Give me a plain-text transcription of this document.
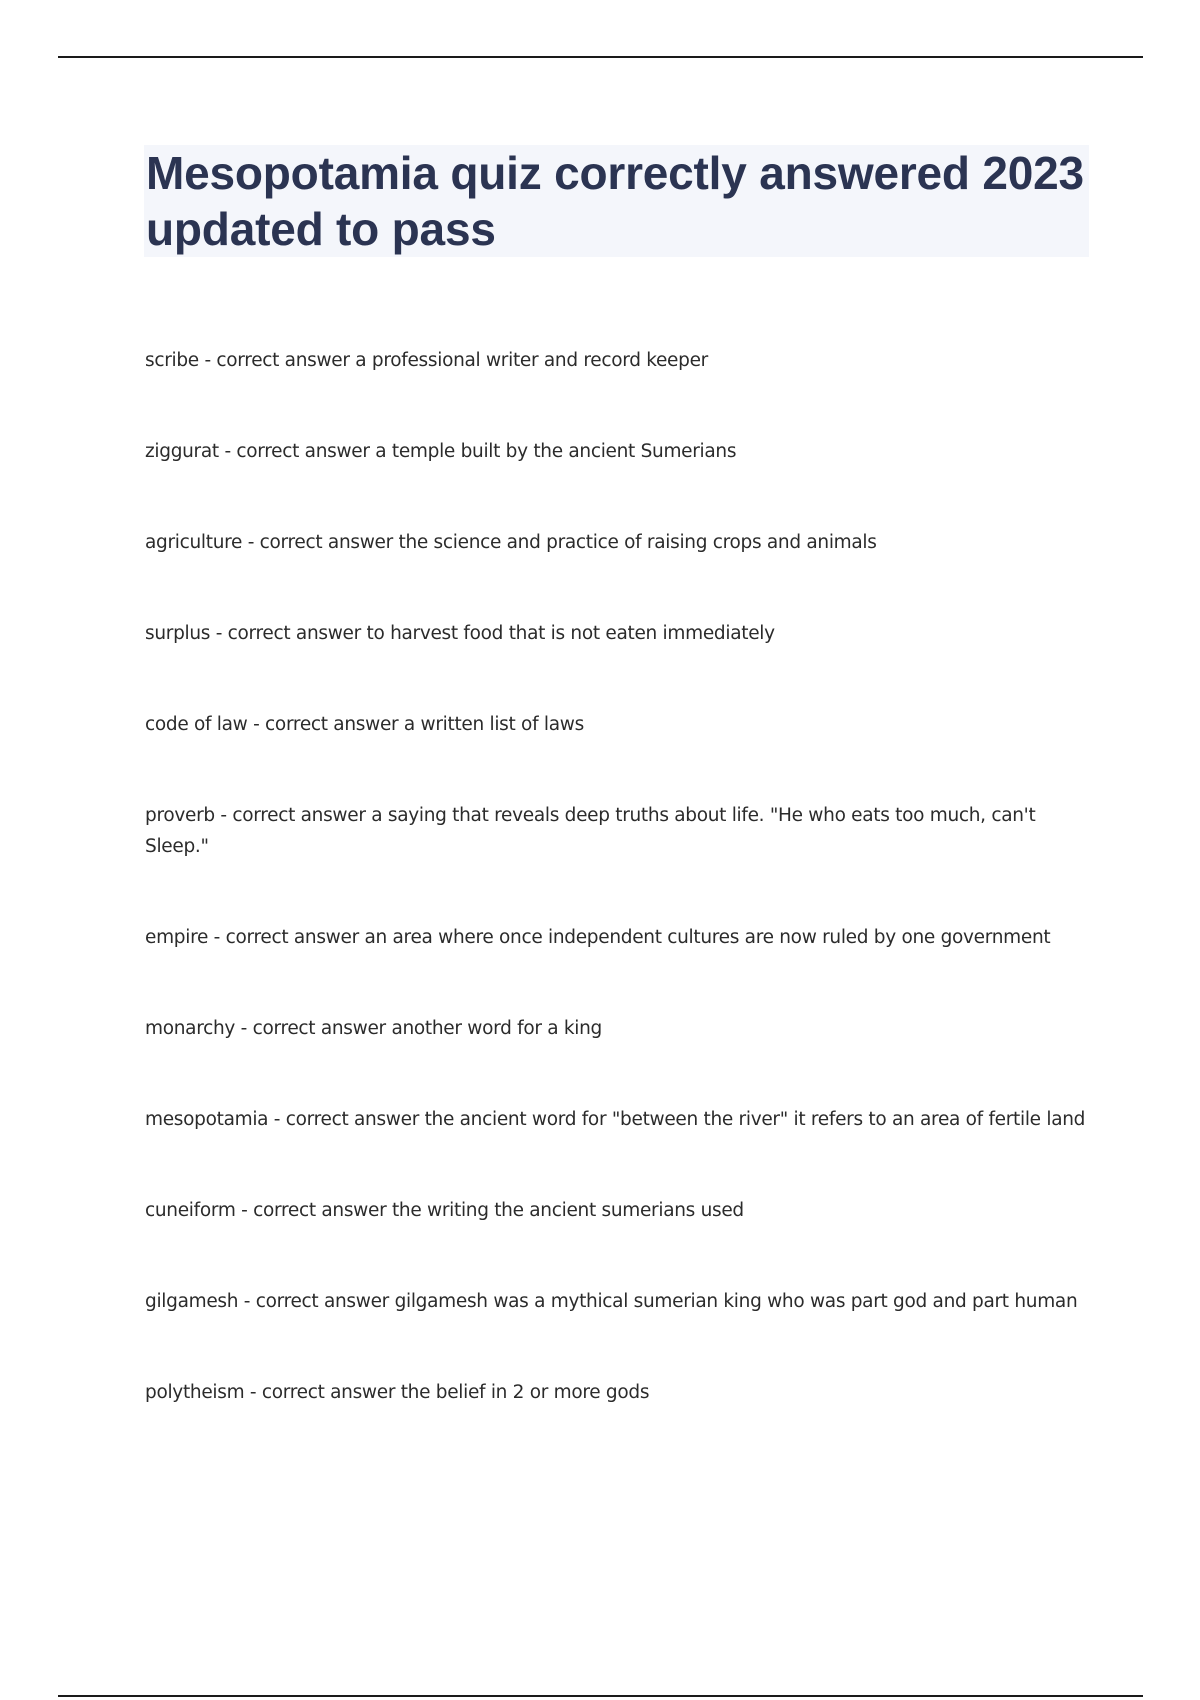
Mesopotamia quiz correctly answered 2023 updated to pass
scribe - correct answer a professional writer and record keeper
ziggurat - correct answer a temple built by the ancient Sumerians
agriculture - correct answer the science and practice of raising crops and animals
surplus - correct answer to harvest food that is not eaten immediately
code of law - correct answer a written list of laws
proverb - correct answer a saying that reveals deep truths about life. "He who eats too much, can't Sleep."
empire - correct answer an area where once independent cultures are now ruled by one government
monarchy - correct answer another word for a king
mesopotamia - correct answer the ancient word for "between the river" it refers to an area of fertile land
cuneiform - correct answer the writing the ancient sumerians used
gilgamesh - correct answer gilgamesh was a mythical sumerian king who was part god and part human
polytheism - correct answer the belief in 2 or more gods
